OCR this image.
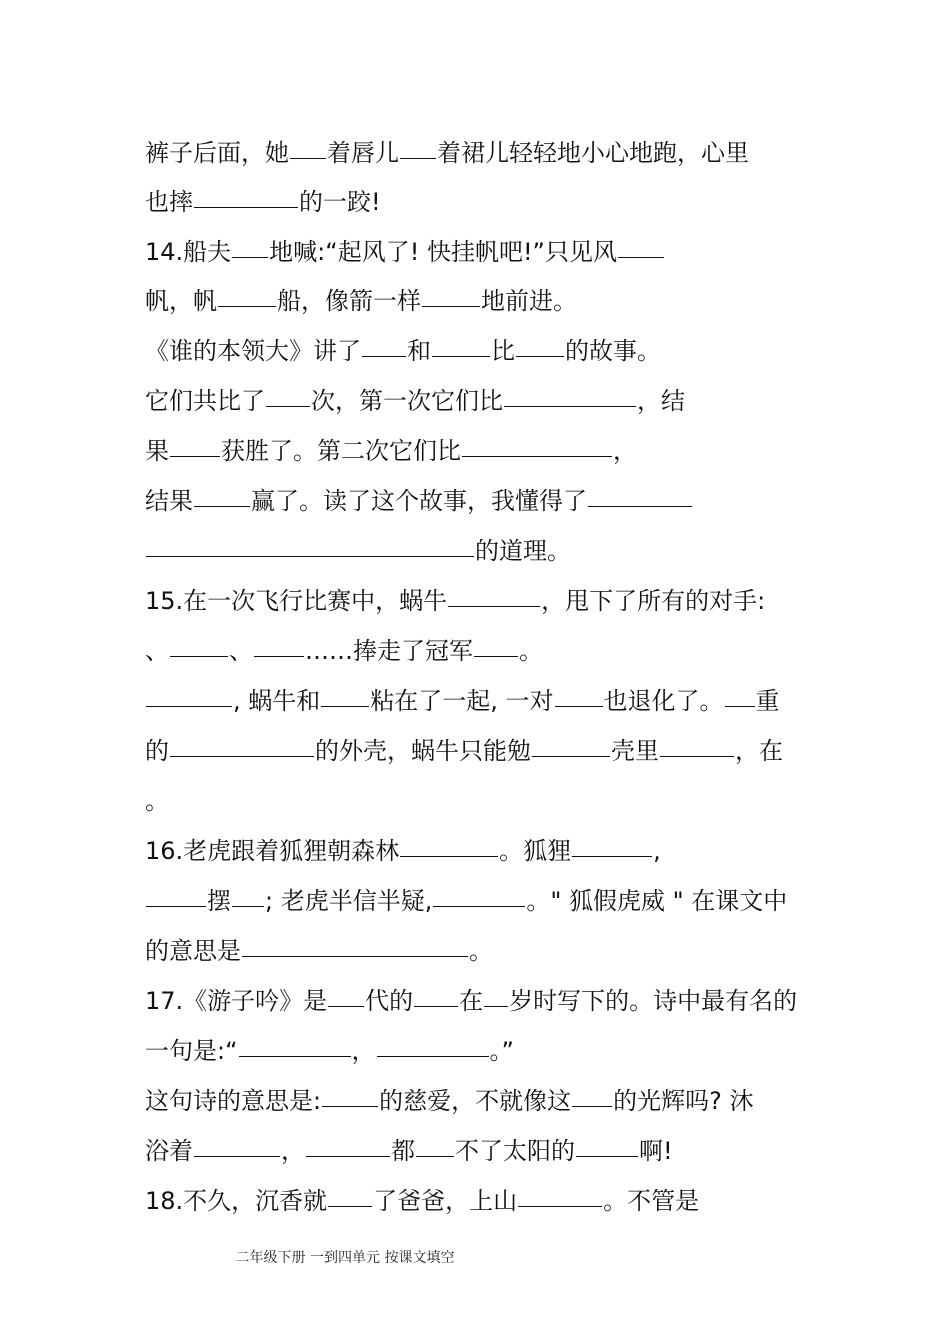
裤子后面，她 着唇儿 着裙儿轻轻地小心地跑，心里
也摔	的一跤!
14.船夫 地喊:“起风了! 快挂帆吧!”只见风
帆，帆	船，像箭一样	地前进。
《谁的本领大》讲了 和	比 的故事。
它们共比了 次，第一次它们比	，结
果 获胜了。第二次它们比	，
结果 赢了。读了这个故事，我懂得了
的道理。
15.在一次飞行比赛中，蜗牛	，甩下了所有的对手:
、	、 ……捧走了冠军 。
, 蜗牛和 粘在了一起, 一对 也退化了。 重
的	的外壳，蜗牛只能勉	壳里	，在
。
16.老虎跟着狐狸朝森林	。狐狸	,
摆 ; 老虎半信半疑,	。" 狐假虎威 " 在课文中
的意思是	。
17.《游子吟》是 代的 在 岁时写下的。诗中最有名的
一句是:“	，	。”
这句诗的意思是: 的慈爱，不就像这 的光辉吗? 沐
浴着	，	都 不了太阳的	啊!
18.不久，沉香就 了爸爸，上山	。不管是
二年级下册 一到四单元 按课文填空
